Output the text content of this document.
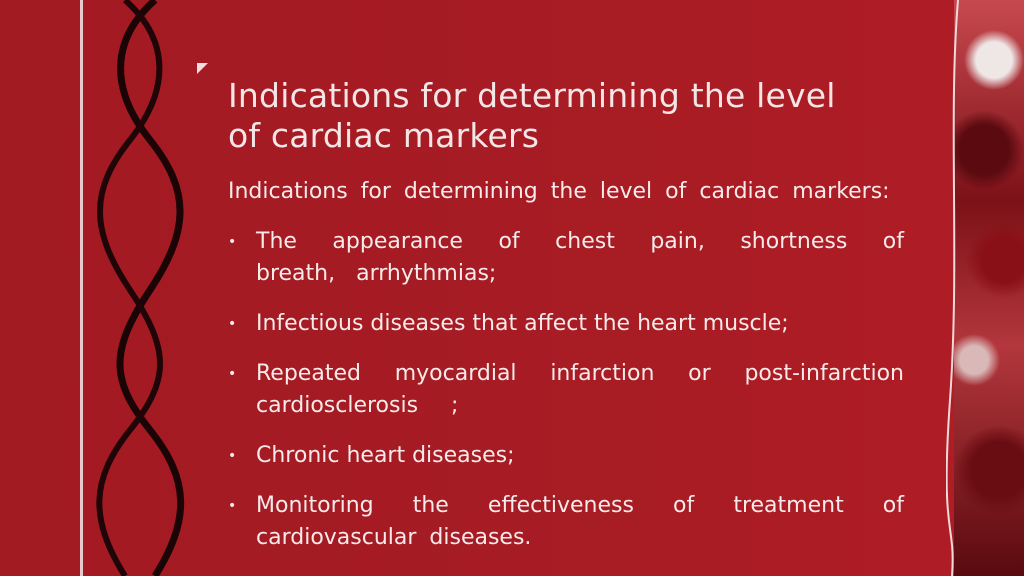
Indications for determining the level of cardiac markers

Indications for determining the level of cardiac markers:

• The appearance of chest pain, shortness of breath, arrhythmias;
• Infectious diseases that affect the heart muscle;
• Repeated myocardial infarction or post-infarction cardiosclerosis ;
• Chronic heart diseases;
• Monitoring the effectiveness of treatment of cardiovascular diseases.
